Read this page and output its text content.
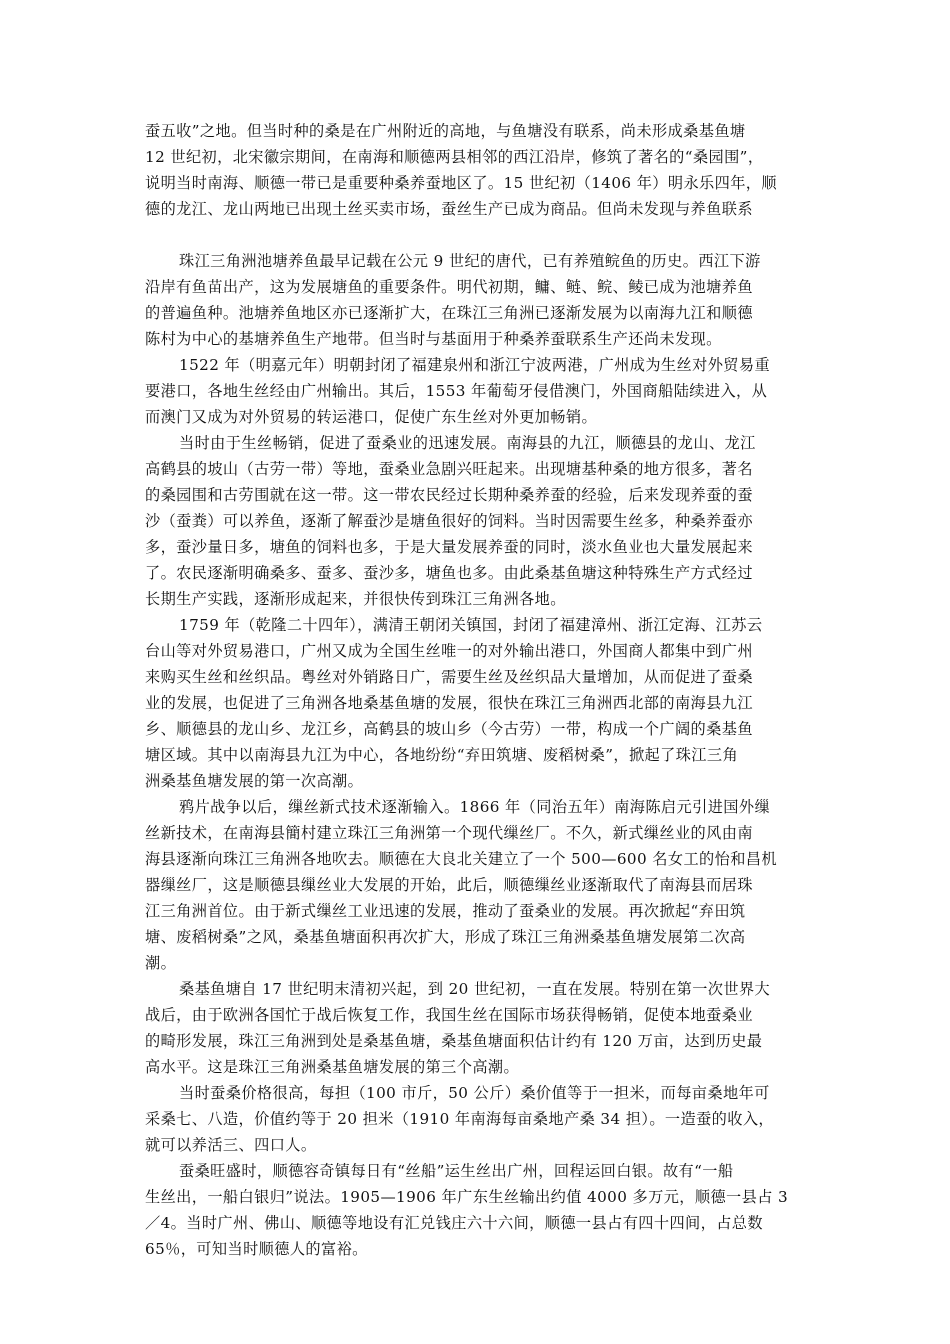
蚕五收”之地。但当时种的桑是在广州附近的高地，与鱼塘没有联系，尚未形成桑基鱼塘
12 世纪初，北宋徽宗期间，在南海和顺德两县相邻的西江沿岸，修筑了著名的“桑园围”，
说明当时南海、顺德一带已是重要种桑养蚕地区了。15 世纪初（1406 年）明永乐四年，顺
德的龙江、龙山两地已出现土丝买卖市场，蚕丝生产已成为商品。但尚未发现与养鱼联系
珠江三角洲池塘养鱼最早记载在公元 9 世纪的唐代，已有养殖鲩鱼的历史。西江下游
沿岸有鱼苗出产，这为发展塘鱼的重要条件。明代初期，鳙、鲢、鲩、鲮已成为池塘养鱼
的普遍鱼种。池塘养鱼地区亦已逐渐扩大，在珠江三角洲已逐渐发展为以南海九江和顺德
陈村为中心的基塘养鱼生产地带。但当时与基面用于种桑养蚕联系生产还尚未发现。
1522 年（明嘉元年）明朝封闭了福建泉州和浙江宁波两港，广州成为生丝对外贸易重
要港口，各地生丝经由广州输出。其后，1553 年葡萄牙侵借澳门，外国商船陆续进入，从
而澳门又成为对外贸易的转运港口，促使广东生丝对外更加畅销。
当时由于生丝畅销，促进了蚕桑业的迅速发展。南海县的九江，顺德县的龙山、龙江
高鹤县的坡山（古劳一带）等地，蚕桑业急剧兴旺起来。出现塘基种桑的地方很多，著名
的桑园围和古劳围就在这一带。这一带农民经过长期种桑养蚕的经验，后来发现养蚕的蚕
沙（蚕粪）可以养鱼，逐渐了解蚕沙是塘鱼很好的饲料。当时因需要生丝多，种桑养蚕亦
多，蚕沙量日多，塘鱼的饲料也多，于是大量发展养蚕的同时，淡水鱼业也大量发展起来
了。农民逐渐明确桑多、蚕多、蚕沙多，塘鱼也多。由此桑基鱼塘这种特殊生产方式经过
长期生产实践，逐渐形成起来，并很快传到珠江三角洲各地。
1759 年（乾隆二十四年），满清王朝闭关镇国，封闭了福建漳州、浙江定海、江苏云
台山等对外贸易港口，广州又成为全国生丝唯一的对外输出港口，外国商人都集中到广州
来购买生丝和丝织品。粤丝对外销路日广，需要生丝及丝织品大量增加，从而促进了蚕桑
业的发展，也促进了三角洲各地桑基鱼塘的发展，很快在珠江三角洲西北部的南海县九江
乡、顺德县的龙山乡、龙江乡，高鹤县的坡山乡（今古劳）一带，构成一个广阔的桑基鱼
塘区域。其中以南海县九江为中心，各地纷纷“弃田筑塘、废稻树桑”，掀起了珠江三角
洲桑基鱼塘发展的第一次高潮。
鸦片战争以后，缫丝新式技术逐渐输入。1866 年（同治五年）南海陈启元引进国外缫
丝新技术，在南海县簡村建立珠江三角洲第一个现代缫丝厂。不久，新式缫丝业的风由南
海县逐渐向珠江三角洲各地吹去。顺德在大良北关建立了一个 500—600 名女工的怡和昌机
器缫丝厂，这是顺德县缫丝业大发展的开始，此后，顺德缫丝业逐渐取代了南海县而居珠
江三角洲首位。由于新式缫丝工业迅速的发展，推动了蚕桑业的发展。再次掀起“弃田筑
塘、废稻树桑”之风，桑基鱼塘面积再次扩大，形成了珠江三角洲桑基鱼塘发展第二次高
潮。
桑基鱼塘自 17 世纪明末清初兴起，到 20 世纪初，一直在发展。特别在第一次世界大
战后，由于欧洲各国忙于战后恢复工作，我国生丝在国际市场获得畅销，促使本地蚕桑业
的畸形发展，珠江三角洲到处是桑基鱼塘，桑基鱼塘面积估计约有 120 万亩，达到历史最
高水平。这是珠江三角洲桑基鱼塘发展的第三个高潮。
当时蚕桑价格很高，每担（100 市斤，50 公斤）桑价值等于一担米，而每亩桑地年可
采桑七、八造，价值约等于 20 担米（1910 年南海每亩桑地产桑 34 担）。一造蚕的收入，
就可以养活三、四口人。
蚕桑旺盛时，顺德容奇镇每日有“丝船”运生丝出广州，回程运回白银。故有“一船
生丝出，一船白银归”说法。1905—1906 年广东生丝输出约值 4000 多万元，顺德一县占 3
／4。当时广州、佛山、顺德等地设有汇兑钱庄六十六间，顺德一县占有四十四间，占总数
65％，可知当时顺德人的富裕。
